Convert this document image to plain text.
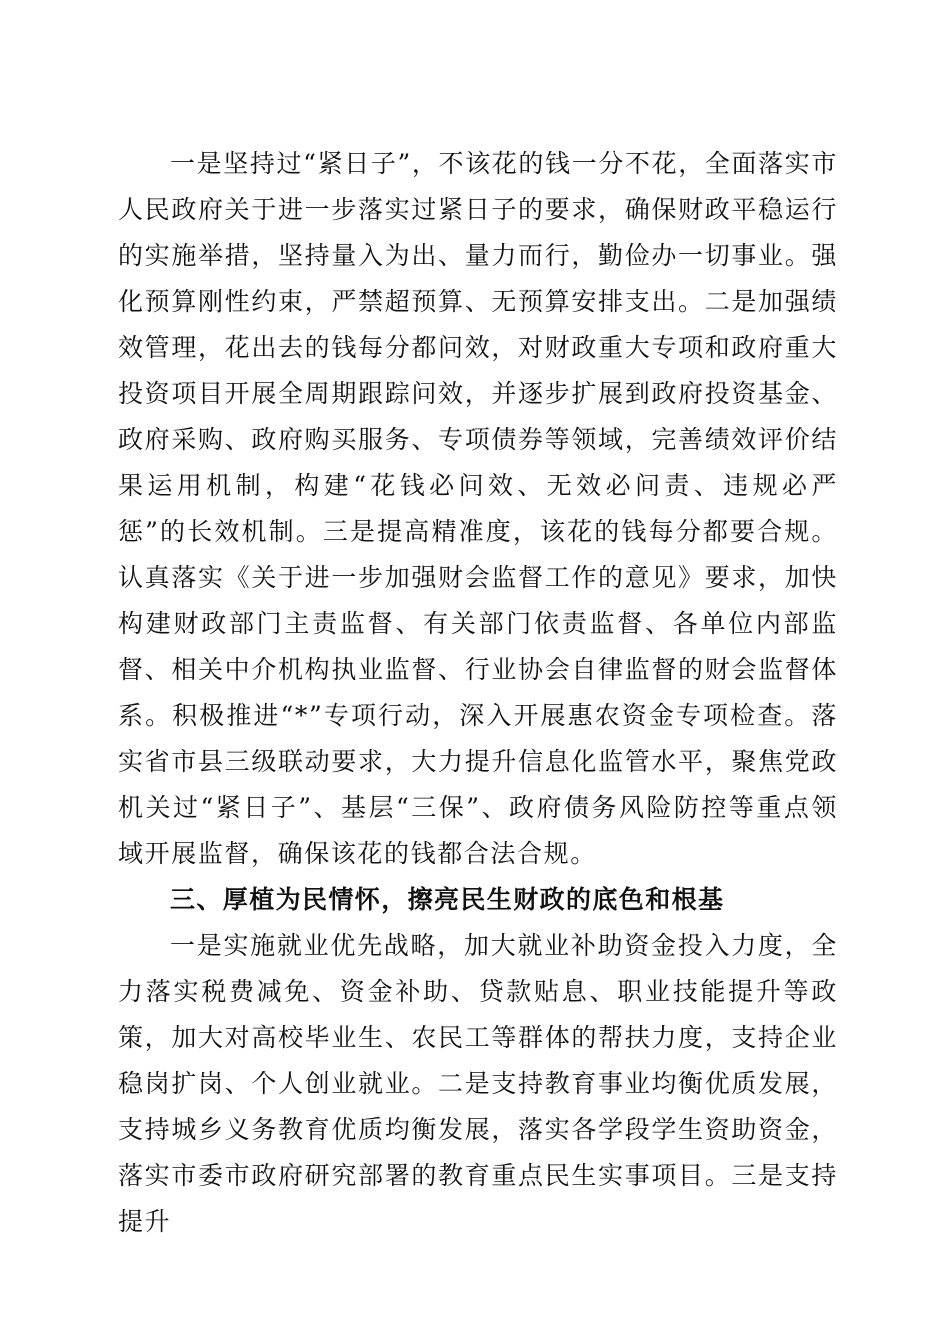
一是坚持过“紧日子”，不该花的钱一分不花，全面落实市人民政府关于进一步落实过紧日子的要求，确保财政平稳运行的实施举措，坚持量入为出、量力而行，勤俭办一切事业。强化预算刚性约束，严禁超预算、无预算安排支出。二是加强绩效管理，花出去的钱每分都问效，对财政重大专项和政府重大投资项目开展全周期跟踪问效，并逐步扩展到政府投资基金、政府采购、政府购买服务、专项债券等领域，完善绩效评价结果运用机制，构建“花钱必问效、无效必问责、违规必严惩”的长效机制。三是提高精准度，该花的钱每分都要合规。认真落实《关于进一步加强财会监督工作的意见》要求，加快构建财政部门主责监督、有关部门依责监督、各单位内部监督、相关中介机构执业监督、行业协会自律监督的财会监督体系。积极推进“*”专项行动，深入开展惠农资金专项检查。落实省市县三级联动要求，大力提升信息化监管水平，聚焦党政机关过“紧日子”、基层“三保”、政府债务风险防控等重点领域开展监督，确保该花的钱都合法合规。

三、厚植为民情怀，擦亮民生财政的底色和根基

一是实施就业优先战略，加大就业补助资金投入力度，全力落实税费减免、资金补助、贷款贴息、职业技能提升等政策，加大对高校毕业生、农民工等群体的帮扶力度，支持企业稳岗扩岗、个人创业就业。二是支持教育事业均衡优质发展，支持城乡义务教育优质均衡发展，落实各学段学生资助资金，落实市委市政府研究部署的教育重点民生实事项目。三是支持提升
